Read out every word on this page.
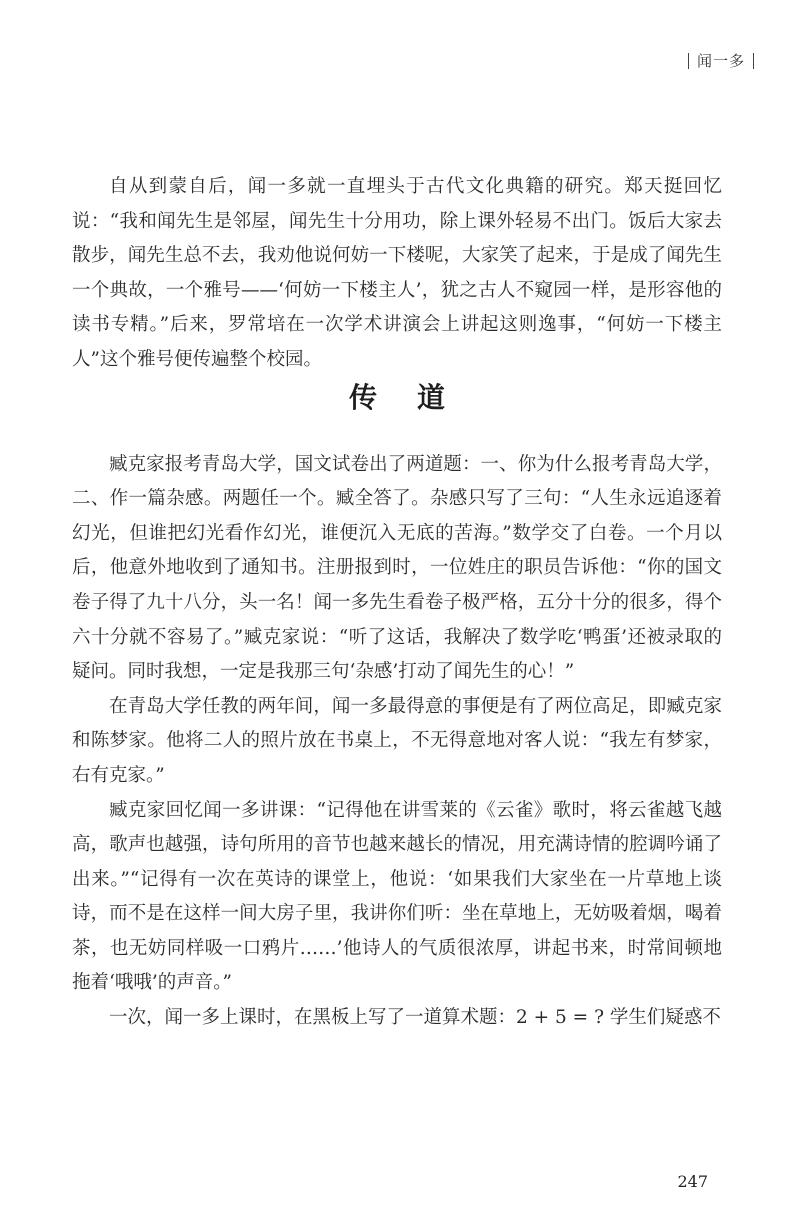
闻一多

自从到蒙自后，闻一多就一直埋头于古代文化典籍的研究。郑天挺回忆说：“我和闻先生是邻屋，闻先生十分用功，除上课外轻易不出门。饭后大家去散步，闻先生总不去，我劝他说何妨一下楼呢，大家笑了起来，于是成了闻先生一个典故，一个雅号——‘何妨一下楼主人’，犹之古人不窥园一样，是形容他的读书专精。”后来，罗常培在一次学术讲演会上讲起这则逸事，“何妨一下楼主人”这个雅号便传遍整个校园。

传道

臧克家报考青岛大学，国文试卷出了两道题：一、你为什么报考青岛大学，二、作一篇杂感。两题任一个。臧全答了。杂感只写了三句：“人生永远追逐着幻光，但谁把幻光看作幻光，谁便沉入无底的苦海。”数学交了白卷。一个月以后，他意外地收到了通知书。注册报到时，一位姓庄的职员告诉他：“你的国文卷子得了九十八分，头一名！闻一多先生看卷子极严格，五分十分的很多，得个六十分就不容易了。”臧克家说：“听了这话，我解决了数学吃‘鸭蛋’还被录取的疑问。同时我想，一定是我那三句‘杂感’打动了闻先生的心！”

在青岛大学任教的两年间，闻一多最得意的事便是有了两位高足，即臧克家和陈梦家。他将二人的照片放在书桌上，不无得意地对客人说：“我左有梦家，右有克家。”

臧克家回忆闻一多讲课：“记得他在讲雪莱的《云雀》歌时，将云雀越飞越高，歌声也越强，诗句所用的音节也越来越长的情况，用充满诗情的腔调吟诵了出来。”“记得有一次在英诗的课堂上，他说：‘如果我们大家坐在一片草地上谈诗，而不是在这样一间大房子里，我讲你们听：坐在草地上，无妨吸着烟，喝着茶，也无妨同样吸一口鸦片……’他诗人的气质很浓厚，讲起书来，时常间顿地拖着‘哦哦’的声音。”

一次，闻一多上课时，在黑板上写了一道算术题：2 + 5 = ? 学生们疑惑不

247
